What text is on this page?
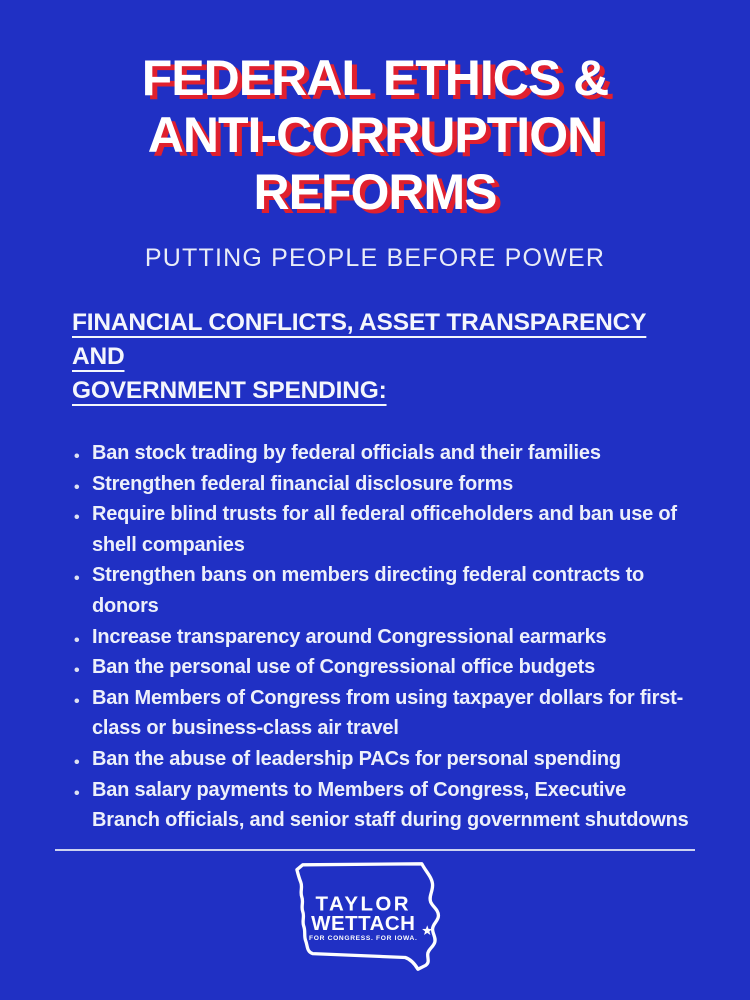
FEDERAL ETHICS &
ANTI-CORRUPTION
REFORMS

PUTTING PEOPLE BEFORE POWER

FINANCIAL CONFLICTS, ASSET TRANSPARENCY AND GOVERNMENT SPENDING:
• Ban stock trading by federal officials and their families
• Strengthen federal financial disclosure forms
• Require blind trusts for all federal officeholders and ban use of shell companies
• Strengthen bans on members directing federal contracts to donors
• Increase transparency around Congressional earmarks
• Ban the personal use of Congressional office budgets
• Ban Members of Congress from using taxpayer dollars for first-class or business-class air travel
• Ban the abuse of leadership PACs for personal spending
• Ban salary payments to Members of Congress, Executive Branch officials, and senior staff during government shutdowns
TAYLOR
WETTACH
FOR CONGRESS. FOR IOWA.
